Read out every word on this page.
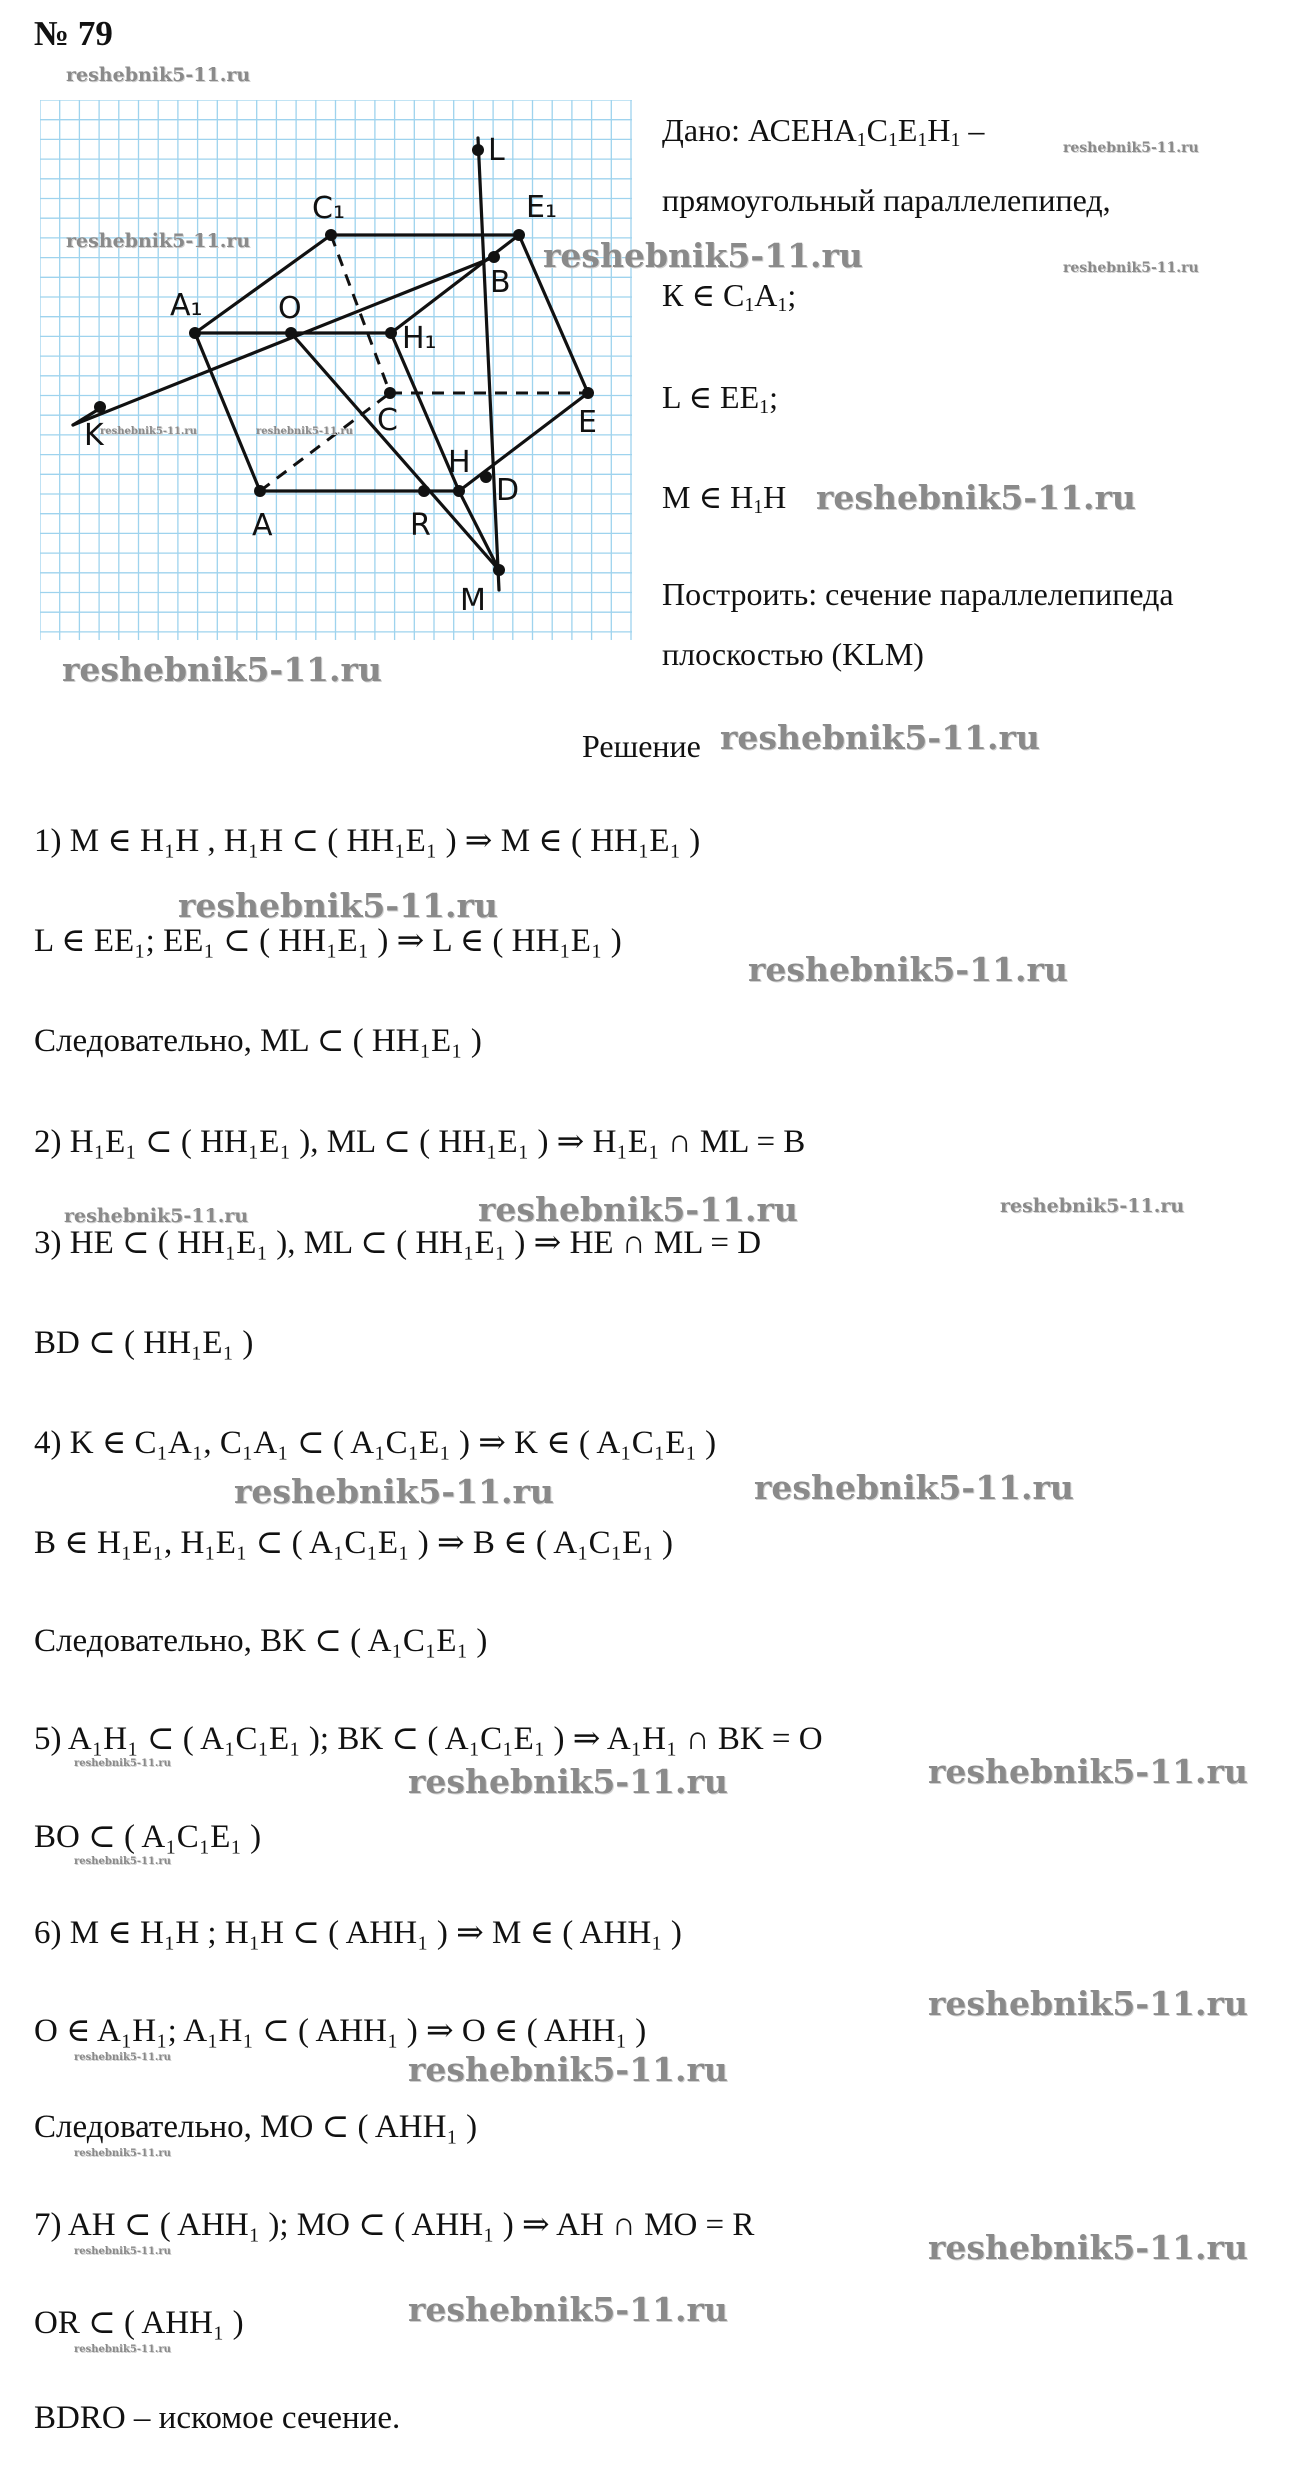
№ 79
L
E₁
C₁
B
A₁	O
H₁
C	E
K
H
D
A	R
M
Дано: $АСЕНА_1С_1Е_1Н_1$ –
прямоугольный параллелепипед,
К ∈ $С_1А_1$;
L ∈ $ЕЕ_1$;
М ∈ $Н_1Н$
Построить: сечение параллелепипеда
плоскостью (KLM)
Решение
1) M ∈ H₁H , H₁H ⊂ ( HH₁E₁ ) ⇒ M ∈ ( HH₁E₁ )
L ∈ EE₁; EE₁ ⊂ ( HH₁E₁ ) ⇒ L ∈ ( HH₁E₁ )
Следовательно, ML ⊂ ( HH₁E₁ )
2) H₁E₁ ⊂ ( HH₁E₁ ), ML ⊂ ( HH₁E₁ ) ⇒ H₁E₁ ∩ ML = B
3) HE ⊂ ( HH₁E₁ ), ML ⊂ ( HH₁E₁ ) ⇒ HE ∩ ML = D
BD ⊂ ( HH₁E₁ )
4) K ∈ C₁A₁, C₁A₁ ⊂ ( A₁C₁E₁ ) ⇒ K ∈ ( A₁C₁E₁ )
B ∈ H₁E₁, H₁E₁ ⊂ ( A₁C₁E₁ ) ⇒ B ∈ ( A₁C₁E₁ )
Следовательно, BK ⊂ ( A₁C₁E₁ )
5) A₁H₁ ⊂ ( A₁C₁E₁ ); BK ⊂ ( A₁C₁E₁ ) ⇒ A₁H₁ ∩ BK = O
BO ⊂ ( A₁C₁E₁ )
6) M ∈ H₁H ; H₁H ⊂ ( AHH₁ ) ⇒ M ∈ ( AHH₁ )
O ∈ A₁H₁; A₁H₁ ⊂ ( AHH₁ ) ⇒ O ∈ ( AHH₁ )
Следовательно, MO ⊂ ( AHH₁ )
7) AH ⊂ ( AHH₁ ); MO ⊂ ( AHH₁ ) ⇒ AH ∩ MO = R
OR ⊂ ( AHH₁ )
BDRO – искомое сечение.
reshebnik5-11.ru
reshebnik5-11.ru	reshebnik5-11.ru
reshebnik5-11.ru
reshebnik5-11.ru
reshebnik5-11.ru	reshebnik5-11.ru
reshebnik5-11.ru
reshebnik5-11.ru
reshebnik5-11.ru
reshebnik5-11.ru
reshebnik5-11.ru
reshebnik5-11.ru	reshebnik5-11.ru	reshebnik5-11.ru
reshebnik5-11.ru	reshebnik5-11.ru
reshebnik5-11.ru	reshebnik5-11.ru	reshebnik5-11.ru
reshebnik5-11.ru
reshebnik5-11.ru
reshebnik5-11.ru	reshebnik5-11.ru
reshebnik5-11.ru
reshebnik5-11.ru	reshebnik5-11.ru
reshebnik5-11.ru
reshebnik5-11.ru
